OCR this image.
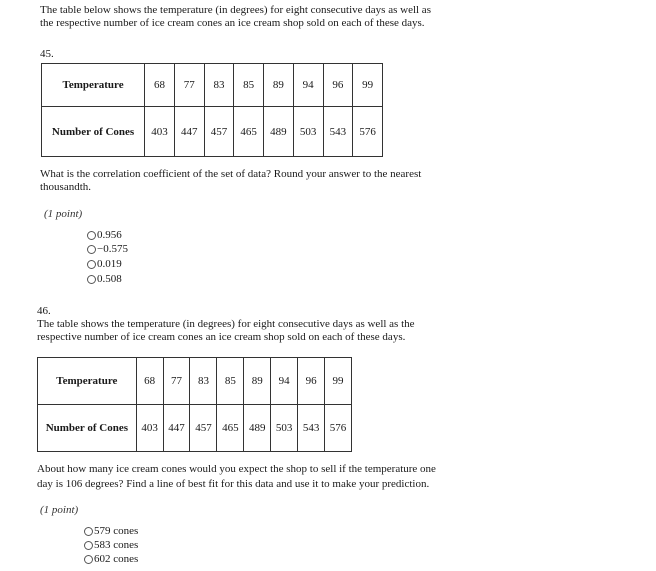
The table below shows the temperature (in degrees) for eight consecutive days as well as
the respective number of ice cream cones an ice cream shop sold on each of these days.
45.
Temperature	68	77	83	85	89	94	96	99
Number of Cones	403	447	457	465	489	503	543	576
What is the correlation coefficient of the set of data? Round your answer to the nearest
thousandth.
(1 point)
0.956
−0.575
0.019
0.508
46.
The table shows the temperature (in degrees) for eight consecutive days as well as the
respective number of ice cream cones an ice cream shop sold on each of these days.
Temperature	68	77	83	85	89	94	96	99
Number of Cones	403	447	457	465	489	503	543	576
About how many ice cream cones would you expect the shop to sell if the temperature one
day is 106 degrees? Find a line of best fit for this data and use it to make your prediction.
(1 point)
579 cones
583 cones
602 cones
